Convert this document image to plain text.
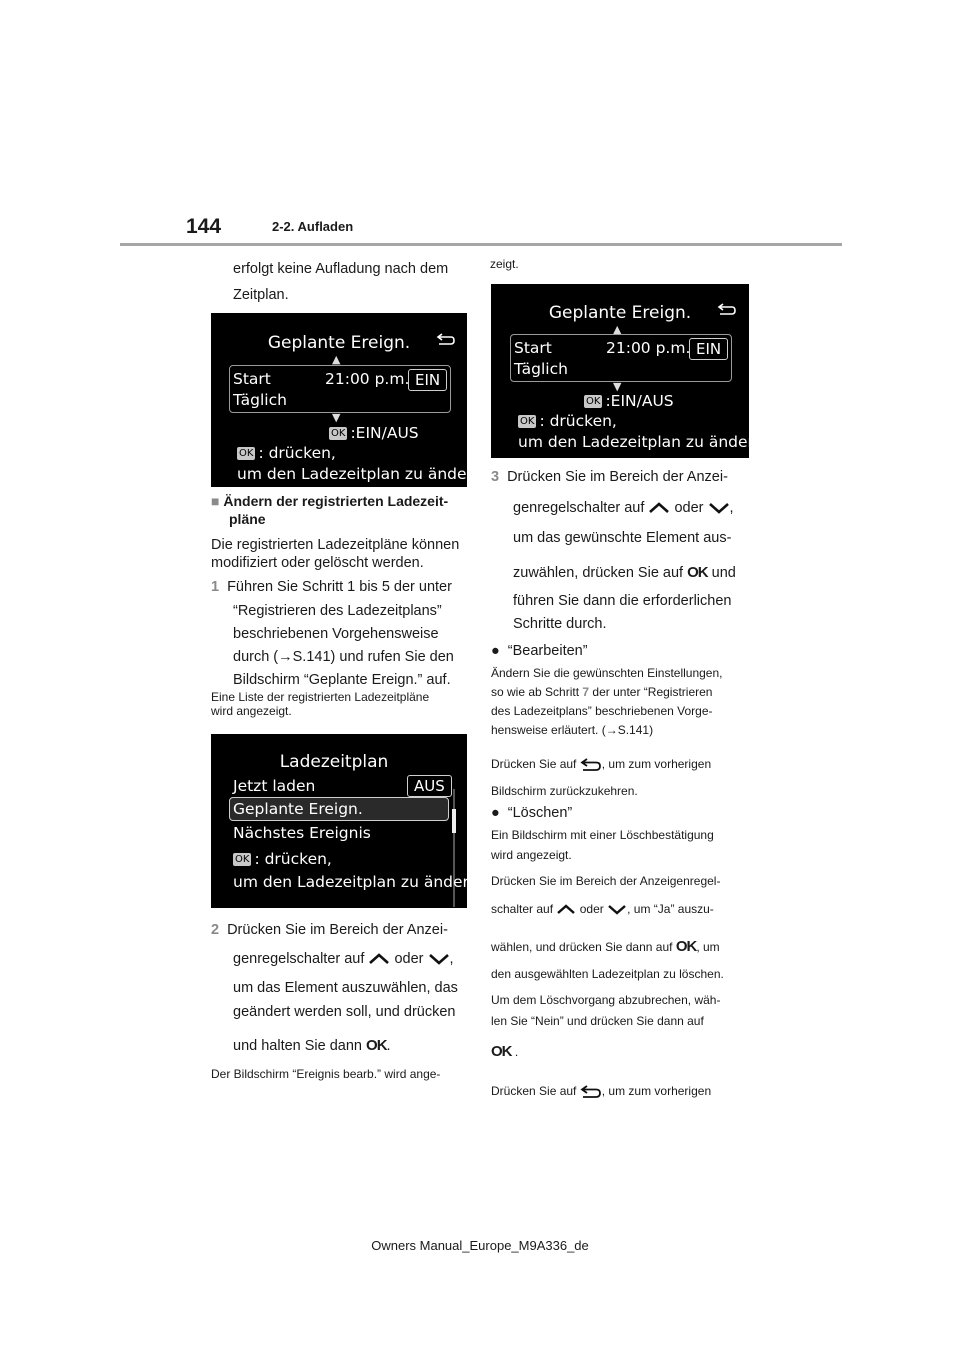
144	2-2. Aufladen
erfolgt keine Aufladung nach dem
Zeitplan.
Geplante Ereign.
▲
Start
Täglich
21:00 p.m. EIN
▼
OK :EIN/AUS
OK : drücken,
um den Ladezeitplan zu ändern
■ Ändern der registrierten Ladezeit-
pläne
Die registrierten Ladezeitpläne können
modifiziert oder gelöscht werden.
1 Führen Sie Schritt 1 bis 5 der unter
“Registrieren des Ladezeitplans”
beschriebenen Vorgehensweise
durch (→S.141) und rufen Sie den
Bildschirm “Geplante Ereign.” auf.
Eine Liste der registrierten Ladezeitpläne
wird angezeigt.
Ladezeitplan
Jetzt laden	AUS
Geplante Ereign.
Nächstes Ereignis
OK : drücken,
um den Ladezeitplan zu ändern
2 Drücken Sie im Bereich der Anzei-
genregelschalter auf oder ,
um das Element auszuwählen, das
geändert werden soll, und drücken
und halten Sie dann OK.
Der Bildschirm “Ereignis bearb.” wird ange-
zeigt.
Geplante Ereign.
▲
Start
Täglich
21:00 p.m. EIN
▼
OK :EIN/AUS
OK : drücken,
um den Ladezeitplan zu ändern
3 Drücken Sie im Bereich der Anzei-
genregelschalter auf oder ,
um das gewünschte Element aus-
zuwählen, drücken Sie auf OK und
führen Sie dann die erforderlichen
Schritte durch.
● “Bearbeiten”
Ändern Sie die gewünschten Einstellungen,
so wie ab Schritt 7 der unter “Registrieren
des Ladezeitplans” beschriebenen Vorge-
hensweise erläutert. (→S.141)
Drücken Sie auf , um zum vorherigen
Bildschirm zurückzukehren.
● “Löschen”
Ein Bildschirm mit einer Löschbestätigung
wird angezeigt.
Drücken Sie im Bereich der Anzeigenregel-
schalter auf oder , um “Ja” auszu-
wählen, und drücken Sie dann auf OK, um
den ausgewählten Ladezeitplan zu löschen.
Um dem Löschvorgang abzubrechen, wäh-
len Sie “Nein” und drücken Sie dann auf
OK .
Drücken Sie auf , um zum vorherigen
Owners Manual_Europe_M9A336_de
